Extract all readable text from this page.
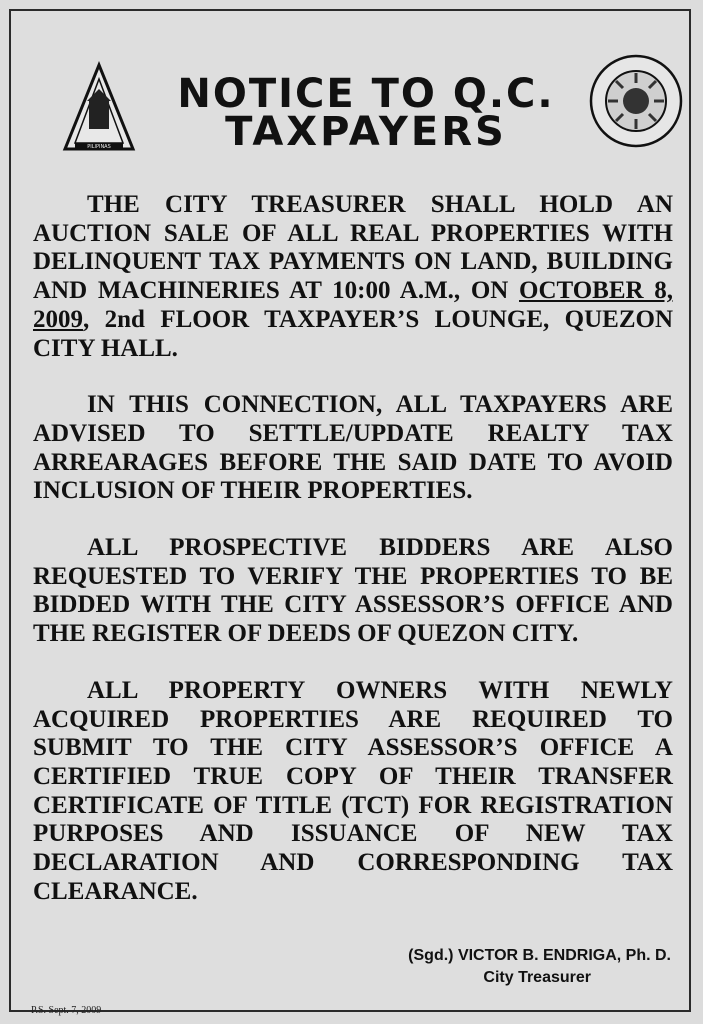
PILIPINAS
NOTICE TO Q.C.
TAXPAYERS

THE CITY TREASURER SHALL HOLD AN AUCTION SALE OF ALL REAL PROPERTIES WITH DELINQUENT TAX PAYMENTS ON LAND, BUILDING AND MACHINERIES AT 10:00 A.M., ON OCTOBER 8, 2009, 2nd FLOOR TAXPAYER’S LOUNGE, QUEZON CITY HALL.

IN THIS CONNECTION, ALL TAXPAYERS ARE ADVISED TO SETTLE/UPDATE REALTY TAX ARREARAGES BEFORE THE SAID DATE TO AVOID INCLUSION OF THEIR PROPERTIES.

ALL PROSPECTIVE BIDDERS ARE ALSO REQUESTED TO VERIFY THE PROPERTIES TO BE BIDDED WITH THE CITY ASSESSOR’S OFFICE AND THE REGISTER OF DEEDS OF QUEZON CITY.

ALL PROPERTY OWNERS WITH NEWLY ACQUIRED PROPERTIES ARE REQUIRED TO SUBMIT TO THE CITY ASSESSOR’S OFFICE A CERTIFIED TRUE COPY OF THEIR TRANSFER CERTIFICATE OF TITLE (TCT) FOR REGISTRATION PURPOSES AND ISSUANCE OF NEW TAX DECLARATION AND CORRESPONDING TAX CLEARANCE.

(Sgd.) VICTOR B. ENDRIGA, Ph. D.
City Treasurer
P.S. Sept. 7, 2009
